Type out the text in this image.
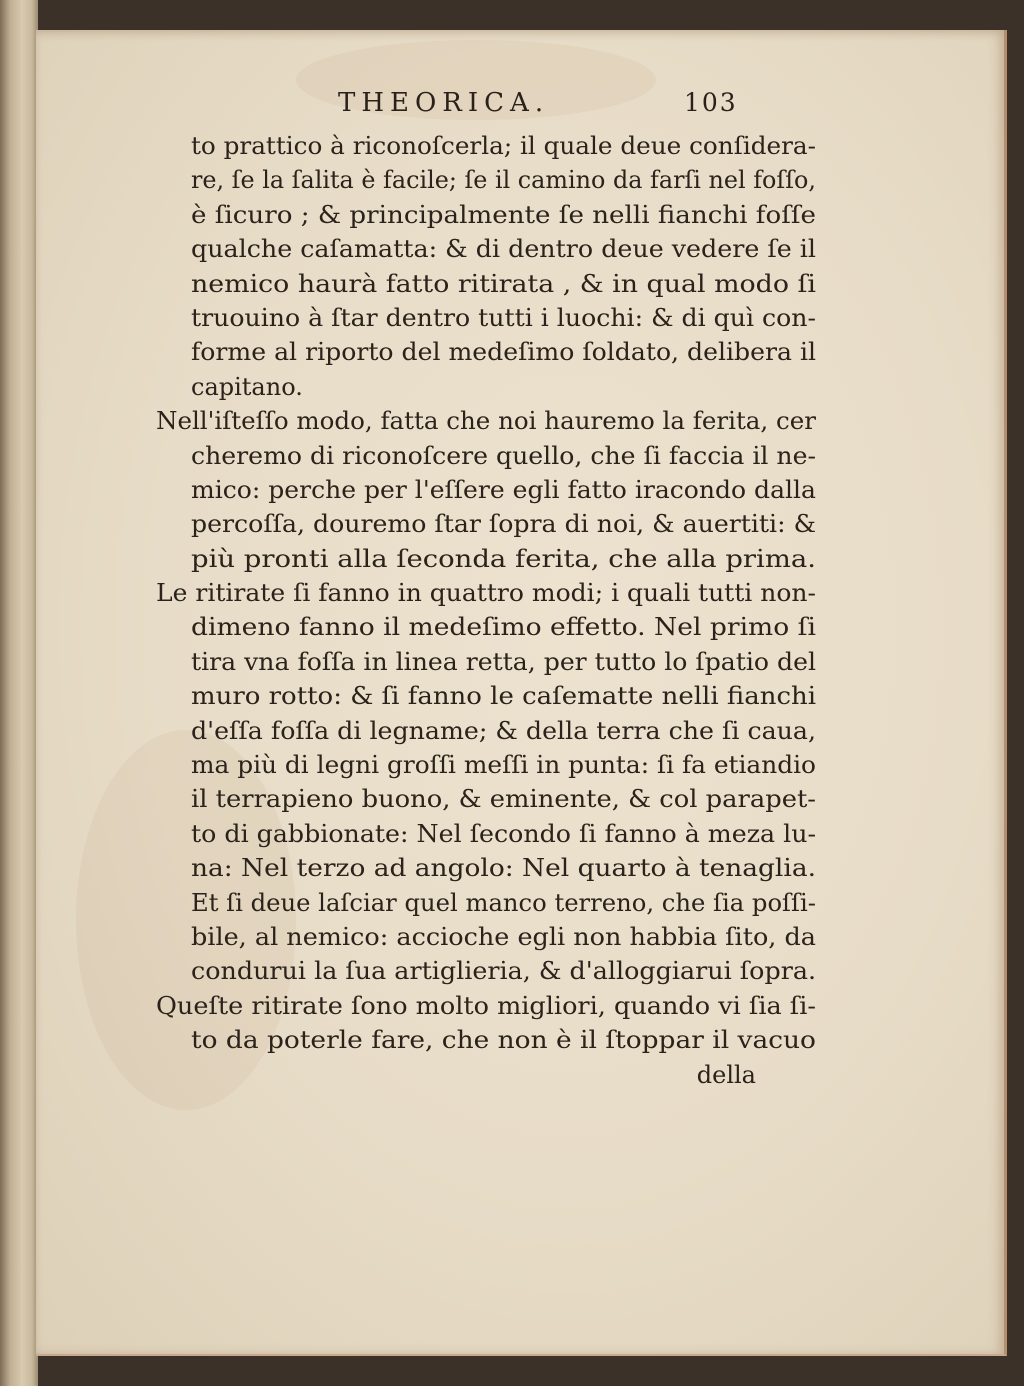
THEORICA.	103
to prattico à riconoſcerla; il quale deue conſidera-
re, ſe la ſalita è facile; ſe il camino da farſi nel foſſo,
è ſicuro ; & principalmente ſe nelli fianchi foſſe
qualche caſamatta: & di dentro deue vedere ſe il
nemico haurà fatto ritirata , & in qual modo ſi
truouino à ſtar dentro tutti i luochi: & di quì con-
forme al riporto del medeſimo ſoldato, delibera il
capitano.
Nell'iſteſſo modo, fatta che noi hauremo la ferita, cer
cheremo di riconoſcere quello, che ſi faccia il ne-
mico: perche per l'eſſere egli fatto iracondo dalla
percoſſa, douremo ſtar ſopra di noi, & auertiti: &
più pronti alla ſeconda ferita, che alla prima.
Le ritirate ſi fanno in quattro modi; i quali tutti non-
dimeno fanno il medeſimo effetto. Nel primo ſi
tira vna foſſa in linea retta, per tutto lo ſpatio del
muro rotto: & ſi fanno le caſematte nelli fianchi
d'eſſa foſſa di legname; & della terra che ſi caua,
ma più di legni groſſi meſſi in punta: ſi fa etiandio
il terrapieno buono, & eminente, & col parapet-
to di gabbionate: Nel ſecondo ſi fanno à meza lu-
na: Nel terzo ad angolo: Nel quarto à tenaglia.
Et ſi deue laſciar quel manco terreno, che ſia poſſi-
bile, al nemico: accioche egli non habbia ſito, da
condurui la ſua artiglieria, & d'alloggiarui ſopra.
Queſte ritirate ſono molto migliori, quando vi ſia ſi-
to da poterle fare, che non è il ſtoppar il vacuo
della
